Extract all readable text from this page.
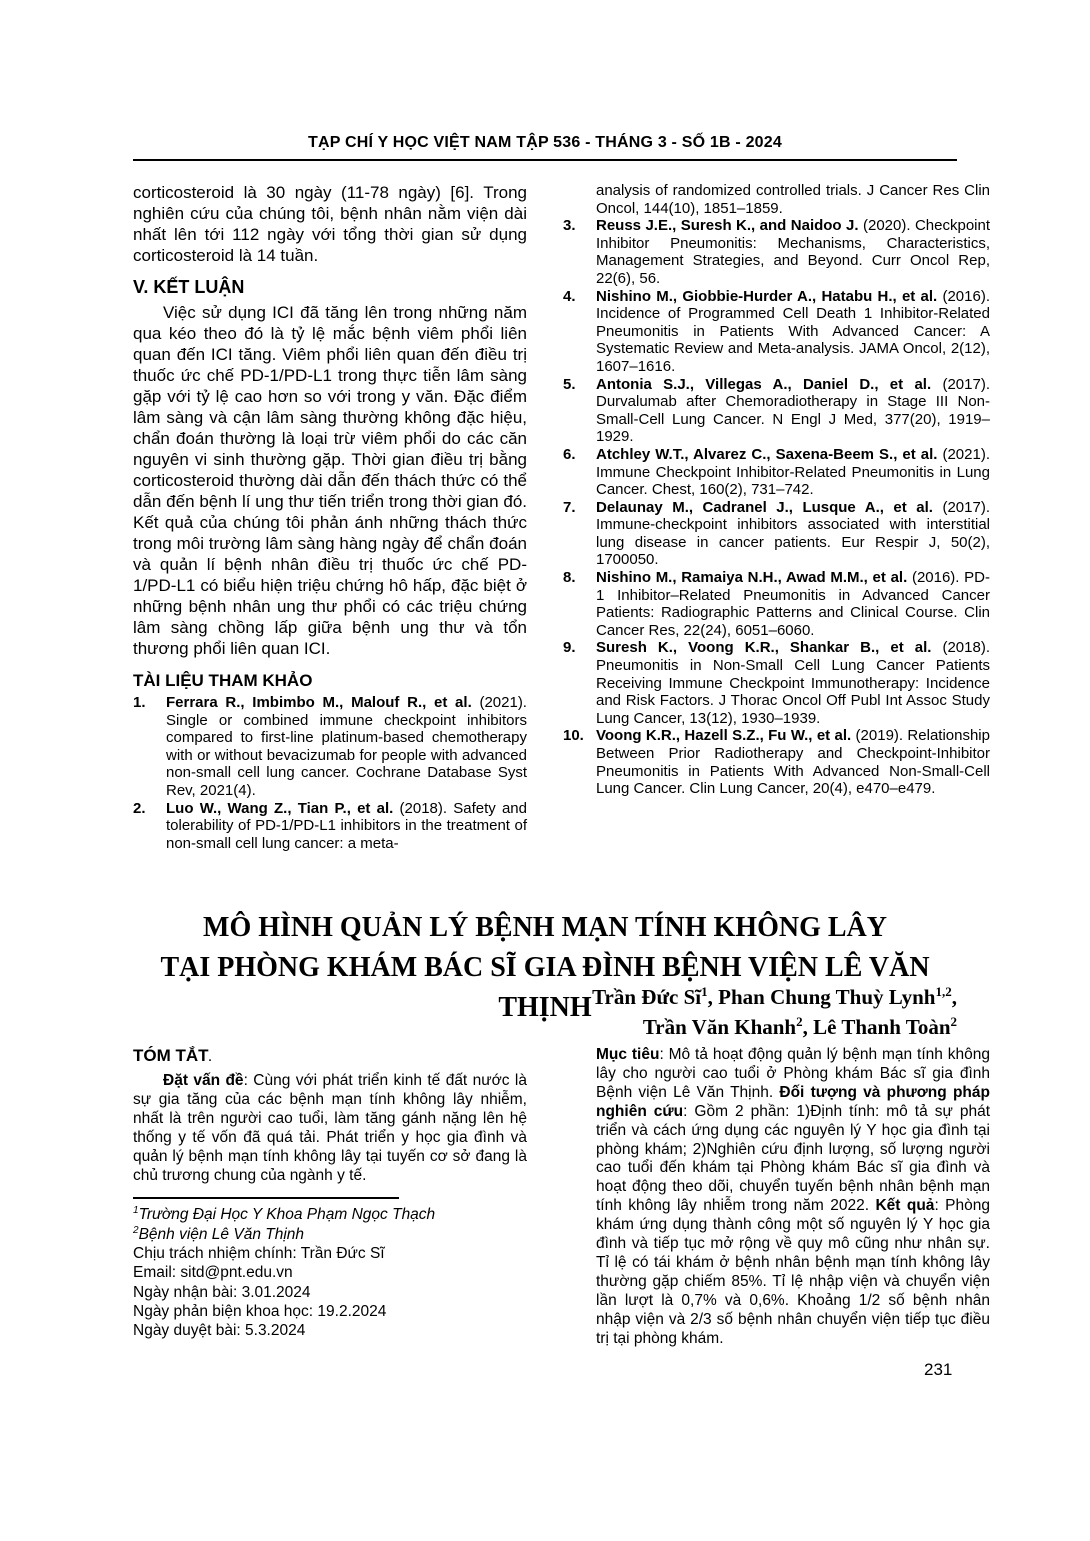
TẠP CHÍ Y HỌC VIỆT NAM TẬP 536 - THÁNG 3 - SỐ 1B - 2024

corticosteroid là 30 ngày (11-78 ngày) [6]. Trong nghiên cứu của chúng tôi, bệnh nhân nằm viện dài nhất lên tới 112 ngày với tổng thời gian sử dụng corticosteroid là 14 tuần.

V. KẾT LUẬN

Việc sử dụng ICI đã tăng lên trong những năm qua kéo theo đó là tỷ lệ mắc bệnh viêm phổi liên quan đến ICI tăng. Viêm phổi liên quan đến điều trị thuốc ức chế PD-1/PD-L1 trong thực tiễn lâm sàng gặp với tỷ lệ cao hơn so với trong y văn. Đặc điểm lâm sàng và cận lâm sàng thường không đặc hiệu, chẩn đoán thường là loại trừ viêm phổi do các căn nguyên vi sinh thường gặp. Thời gian điều trị bằng corticosteroid thường dài dẫn đến thách thức có thể dẫn đến bệnh lí ung thư tiến triển trong thời gian đó. Kết quả của chúng tôi phản ánh những thách thức trong môi trường lâm sàng hàng ngày để chẩn đoán và quản lí bệnh nhân điều trị thuốc ức chế PD-1/PD-L1 có biểu hiện triệu chứng hô hấp, đặc biệt ở những bệnh nhân ung thư phổi có các triệu chứng lâm sàng chồng lấp giữa bệnh ung thư và tổn thương phổi liên quan ICI.

TÀI LIỆU THAM KHẢO
1. Ferrara R., Imbimbo M., Malouf R., et al. (2021). Single or combined immune checkpoint inhibitors compared to first-line platinum-based chemotherapy with or without bevacizumab for people with advanced non-small cell lung cancer. Cochrane Database Syst Rev, 2021(4).
2. Luo W., Wang Z., Tian P., et al. (2018). Safety and tolerability of PD-1/PD-L1 inhibitors in the treatment of non-small cell lung cancer: a meta-

analysis of randomized controlled trials. J Cancer Res Clin Oncol, 144(10), 1851–1859.

3. Reuss J.E., Suresh K., and Naidoo J. (2020). Checkpoint Inhibitor Pneumonitis: Mechanisms, Characteristics, Management Strategies, and Beyond. Curr Oncol Rep, 22(6), 56.
4. Nishino M., Giobbie-Hurder A., Hatabu H., et al. (2016). Incidence of Programmed Cell Death 1 Inhibitor-Related Pneumonitis in Patients With Advanced Cancer: A Systematic Review and Meta-analysis. JAMA Oncol, 2(12), 1607–1616.
5. Antonia S.J., Villegas A., Daniel D., et al. (2017). Durvalumab after Chemoradiotherapy in Stage III Non-Small-Cell Lung Cancer. N Engl J Med, 377(20), 1919–1929.
6. Atchley W.T., Alvarez C., Saxena-Beem S., et al. (2021). Immune Checkpoint Inhibitor-Related Pneumonitis in Lung Cancer. Chest, 160(2), 731–742.
7. Delaunay M., Cadranel J., Lusque A., et al. (2017). Immune-checkpoint inhibitors associated with interstitial lung disease in cancer patients. Eur Respir J, 50(2), 1700050.
8. Nishino M., Ramaiya N.H., Awad M.M., et al. (2016). PD-1 Inhibitor–Related Pneumonitis in Advanced Cancer Patients: Radiographic Patterns and Clinical Course. Clin Cancer Res, 22(24), 6051–6060.
9. Suresh K., Voong K.R., Shankar B., et al. (2018). Pneumonitis in Non-Small Cell Lung Cancer Patients Receiving Immune Checkpoint Immunotherapy: Incidence and Risk Factors. J Thorac Oncol Off Publ Int Assoc Study Lung Cancer, 13(12), 1930–1939.
10. Voong K.R., Hazell S.Z., Fu W., et al. (2019). Relationship Between Prior Radiotherapy and Checkpoint-Inhibitor Pneumonitis in Patients With Advanced Non-Small-Cell Lung Cancer. Clin Lung Cancer, 20(4), e470–e479.
MÔ HÌNH QUẢN LÝ BỆNH MẠN TÍNH KHÔNG LÂY
TẠI PHÒNG KHÁM BÁC SĨ GIA ĐÌNH BỆNH VIỆN LÊ VĂN THỊNH Trần Đức $Sĩ^1$, Phan Chung Thuỳ Lynh$^{1,2}$,
Trần Văn Khanh$^2$, Lê Thanh Toàn$^2$
TÓM TẮT.

Đặt vấn đề: Cùng với phát triển kinh tế đất nước là sự gia tăng của các bệnh mạn tính không lây nhiễm, nhất là trên người cao tuổi, làm tăng gánh nặng lên hệ thống y tế vốn đã quá tải. Phát triển y học gia đình và quản lý bệnh mạn tính không lây tại tuyến cơ sở đang là chủ trương chung của ngành y tế.

$^1$Trường Đại Học Y Khoa Phạm Ngọc Thạch
$^2$Bệnh viện Lê Văn Thịnh
Chịu trách nhiệm chính: Trần Đức Sĩ
Email: sitd@pnt.edu.vn
Ngày nhận bài: 3.01.2024
Ngày phản biện khoa học: 19.2.2024
Ngày duyệt bài: 5.3.2024

Mục tiêu: Mô tả hoạt động quản lý bệnh mạn tính không lây cho người cao tuổi ở Phòng khám Bác sĩ gia đình Bệnh viện Lê Văn Thịnh. Đối tượng và phương pháp nghiên cứu: Gồm 2 phần: 1)Định tính: mô tả sự phát triển và cách ứng dụng các nguyên lý Y học gia đình tại phòng khám; 2)Nghiên cứu định lượng, số lượng người cao tuổi đến khám tại Phòng khám Bác sĩ gia đình và hoạt động theo dõi, chuyển tuyến bệnh nhân bệnh mạn tính không lây nhiễm trong năm 2022. Kết quả: Phòng khám ứng dụng thành công một số nguyên lý Y học gia đình và tiếp tục mở rộng về quy mô cũng như nhân sự. Tỉ lệ có tái khám ở bệnh nhân bệnh mạn tính không lây thường gặp chiếm 85%. Tỉ lệ nhập viện và chuyển viện lần lượt là 0,7% và 0,6%. Khoảng 1/2 số bệnh nhân nhập viện và 2/3 số bệnh nhân chuyển viện tiếp tục điều trị tại phòng khám.

231
